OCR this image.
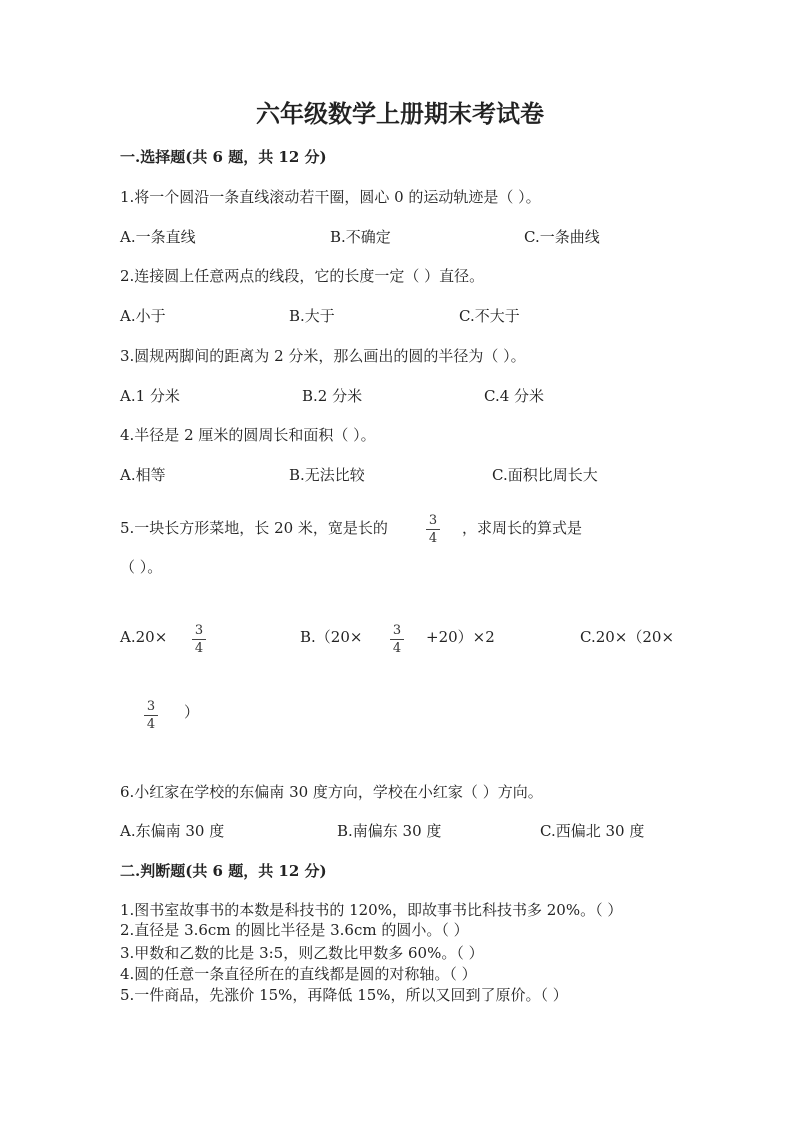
六年级数学上册期末考试卷
一.选择题(共 6 题，共 12 分)
1.将一个圆沿一条直线滚动若干圈，圆心 0 的运动轨迹是（ ）。
A.一条直线	B.不确定	C.一条曲线
2.连接圆上任意两点的线段，它的长度一定（ ）直径。
A.小于	B.大于	C.不大于
3.圆规两脚间的距离为 2 分米，那么画出的圆的半径为（ ）。
A.1 分米	B.2 分米	C.4 分米
4.半径是 2 厘米的圆周长和面积（ ）。
A.相等	B.无法比较	C.面积比周长大
5.一块长方形菜地，长 20 米，宽是长的	3
4
，求周长的算式是
（ ）。
A.20×	3
4
B.（20×	3
4
+20）×2	C.20×（20×
3
4
）
6.小红家在学校的东偏南 30 度方向，学校在小红家（ ）方向。
A.东偏南 30 度	B.南偏东 30 度	C.西偏北 30 度
二.判断题(共 6 题，共 12 分)
1.图书室故事书的本数是科技书的 120%，即故事书比科技书多 20%。（ ）
2.直径是 3.6cm 的圆比半径是 3.6cm 的圆小。（ ）
3.甲数和乙数的比是 3:5，则乙数比甲数多 60%。（ ）
4.圆的任意一条直径所在的直线都是圆的对称轴。（ ）
5.一件商品，先涨价 15%，再降低 15%，所以又回到了原价。（ ）
